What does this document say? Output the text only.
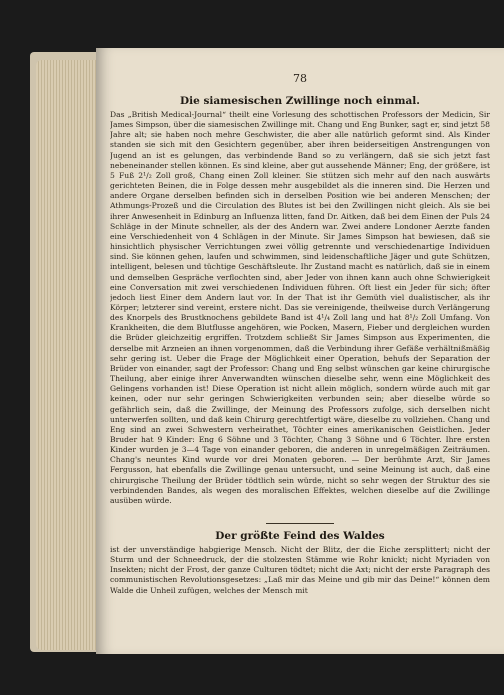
78
Die siamesischen Zwillinge noch einmal.
Das „British Medical-Journal“ theilt eine Vorlesung des schottischen Professors der Medicin, Sir James Simpson, über die siamesischen Zwillinge mit. Chang und Eng Bunker, sagt er, sind jetzt 58 Jahre alt; sie haben noch mehre Geschwister, die aber alle natürlich geformt sind. Als Kinder standen sie sich mit den Gesichtern gegenüber, aber ihren beiderseitigen Anstrengungen von Jugend an ist es gelungen, das verbindende Band so zu verlängern, daß sie sich jetzt fast nebeneinander stellen können. Es sind kleine, aber gut aussehende Männer; Eng, der größere, ist 5 Fuß 2¹/₂ Zoll groß, Chang einen Zoll kleiner. Sie stützen sich mehr auf den nach auswärts gerichteten Beinen, die in Folge dessen mehr ausgebildet als die inneren sind. Die Herzen und andere Organe derselben befinden sich in derselben Position wie bei anderen Menschen; der Athmungs-Prozeß und die Circulation des Blutes ist bei den Zwillingen nicht gleich. Als sie bei ihrer Anwesenheit in Edinburg an Influenza litten, fand Dr. Aitken, daß bei dem Einen der Puls 24 Schläge in der Minute schneller, als der des Andern war. Zwei andere Londoner Aerzte fanden eine Verschiedenheit von 4 Schlägen in der Minute. Sir James Simpson hat bewiesen, daß sie hinsichtlich physischer Verrichtungen zwei völlig getrennte und verschiedenartige Individuen sind. Sie können gehen, laufen und schwimmen, sind leidenschaftliche Jäger und gute Schützen, intelligent, belesen und tüchtige Geschäftsleute. Ihr Zustand macht es natürlich, daß sie in einem und demselben Gespräche verflochten sind, aber Jeder von ihnen kann auch ohne Schwierigkeit eine Conversation mit zwei verschiedenen Individuen führen. Oft liest ein Jeder für sich; öfter jedoch liest Einer dem Andern laut vor. In der That ist ihr Gemüth viel dualistischer, als ihr Körper; letzterer sind vereint, erstere nicht. Das sie vereinigende, theilweise durch Verlängerung des Knorpels des Brustknochens gebildete Band ist 4¹/₄ Zoll lang und hat 8¹/₂ Zoll Umfang. Von Krankheiten, die dem Blutflusse angehören, wie Pocken, Masern, Fieber und dergleichen wurden die Brüder gleichzeitig ergriffen. Trotzdem schließt Sir James Simpson aus Experimenten, die derselbe mit Arzneien an ihnen vorgenommen, daß die Verbindung ihrer Gefäße verhältnißmäßig sehr gering ist. Ueber die Frage der Möglichkeit einer Operation, behufs der Separation der Brüder von einander, sagt der Professor: Chang und Eng selbst wünschen gar keine chirurgische Theilung, aber einige ihrer Anverwandten wünschen dieselbe sehr, wenn eine Möglichkeit des Gelingens vorhanden ist! Diese Operation ist nicht allein möglich, sondern würde auch mit gar keinen, oder nur sehr geringen Schwierigkeiten verbunden sein; aber dieselbe würde so gefährlich sein, daß die Zwillinge, der Meinung des Professors zufolge, sich derselben nicht unterwerfen sollten, und daß kein Chirurg gerechtfertigt wäre, dieselbe zu vollziehen. Chang und Eng sind an zwei Schwestern verheirathet, Töchter eines amerikanischen Geistlichen. Jeder Bruder hat 9 Kinder: Eng 6 Söhne und 3 Töchter, Chang 3 Söhne und 6 Töchter. Ihre ersten Kinder wurden je 3—4 Tage von einander geboren, die anderen in unregelmäßigen Zeiträumen. Chang's neuntes Kind wurde vor drei Monaten geboren. — Der berühmte Arzt, Sir James Fergusson, hat ebenfalls die Zwillinge genau untersucht, und seine Meinung ist auch, daß eine chirurgische Theilung der Brüder tödtlich sein würde, nicht so sehr wegen der Struktur des sie verbindenden Bandes, als wegen des moralischen Effektes, welchen dieselbe auf die Zwillinge ausüben würde.
Der größte Feind des Waldes
ist der unverständige habgierige Mensch. Nicht der Blitz, der die Eiche zersplittert; nicht der Sturm und der Schneedruck, der die stolzesten Stämme wie Rohr knickt; nicht Myriaden von Insekten; nicht der Frost, der ganze Culturen tödtet; nicht die Axt; nicht der erste Paragraph des communistischen Revolutionsgesetzes: „Laß mir das Meine und gib mir das Deine!“ können dem Walde die Unheil zufügen, welches der Mensch mit
